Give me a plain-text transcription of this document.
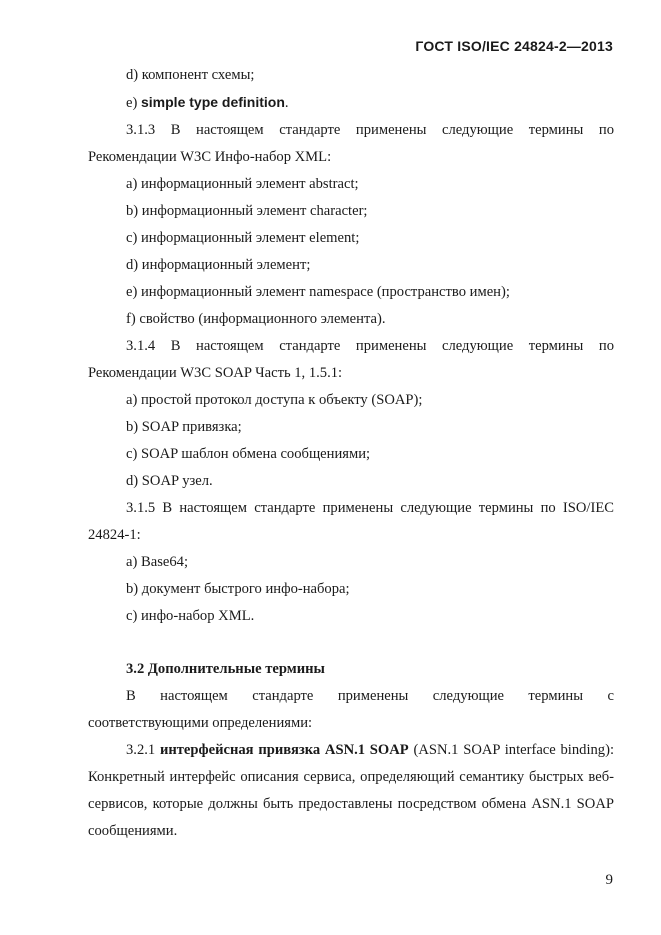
ГОСТ ISO/IEC 24824-2—2013

d) компонент схемы;

e) simple type definition.

3.1.3 В настоящем стандарте применены следующие термины по Рекомендации W3C Инфо-набор XML:

a) информационный элемент abstract;

b) информационный элемент character;

c) информационный элемент element;

d) информационный элемент;

e) информационный элемент namespace (пространство имен);

f) свойство (информационного элемента).

3.1.4 В настоящем стандарте применены следующие термины по Рекомендации W3C SOAP Часть 1, 1.5.1:

a) простой протокол доступа к объекту (SOAP);

b) SOAP привязка;

c) SOAP шаблон обмена сообщениями;

d) SOAP узел.

3.1.5 В настоящем стандарте применены следующие термины по ISO/IEC 24824-1:

a) Base64;

b) документ быстрого инфо-набора;

c) инфо-набор XML.

3.2 Дополнительные термины

В настоящем стандарте применены следующие термины с

соответствующими определениями:

3.2.1 интерфейсная привязка ASN.1 SOAP (ASN.1 SOAP interface binding): Конкретный интерфейс описания сервиса, определяющий семантику быстрых веб-сервисов, которые должны быть предоставлены посредством обмена ASN.1 SOAP сообщениями.

9
